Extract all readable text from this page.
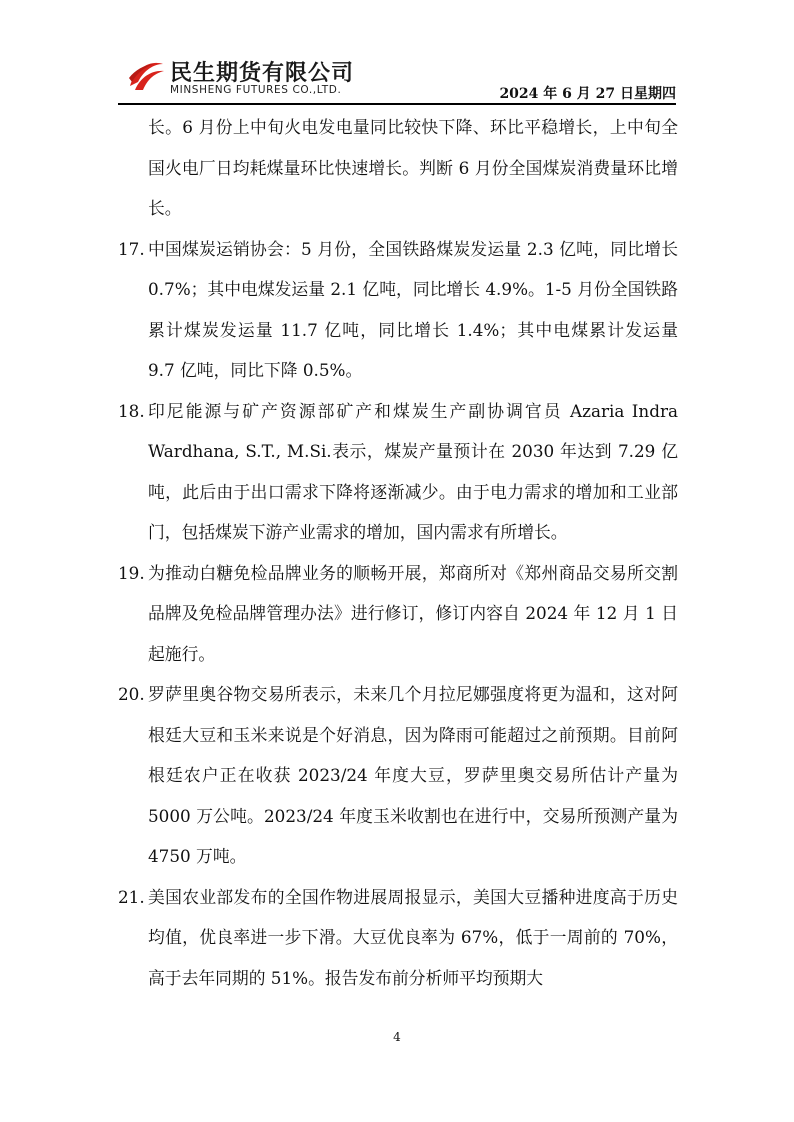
民生期货有限公司
MINSHENG FUTURES CO.,LTD.	2024 年 6 月 27 日星期四

长。6 月份上中旬火电发电量同比较快下降、环比平稳增长，上中旬全国火电厂日均耗煤量环比快速增长。判断 6 月份全国煤炭消费量环比增长。

17. 中国煤炭运销协会：5 月份，全国铁路煤炭发运量 2.3 亿吨，同比增长 0.7%；其中电煤发运量 2.1 亿吨，同比增长 4.9%。1-5 月份全国铁路累计煤炭发运量 11.7 亿吨，同比增长 1.4%；其中电煤累计发运量 9.7 亿吨，同比下降 0.5%。
18. 印尼能源与矿产资源部矿产和煤炭生产副协调官员 Azaria Indra Wardhana, S.T., M.Si.表示，煤炭产量预计在 2030 年达到 7.29 亿吨，此后由于出口需求下降将逐渐减少。由于电力需求的增加和工业部门，包括煤炭下游产业需求的增加，国内需求有所增长。
19. 为推动白糖免检品牌业务的顺畅开展，郑商所对《郑州商品交易所交割品牌及免检品牌管理办法》进行修订，修订内容自 2024 年 12 月 1 日起施行。
20. 罗萨里奥谷物交易所表示，未来几个月拉尼娜强度将更为温和，这对阿根廷大豆和玉米来说是个好消息，因为降雨可能超过之前预期。目前阿根廷农户正在收获 2023/24 年度大豆，罗萨里奥交易所估计产量为 5000 万公吨。2023/24 年度玉米收割也在进行中，交易所预测产量为 4750 万吨。
21. 美国农业部发布的全国作物进展周报显示，美国大豆播种进度高于历史均值，优良率进一步下滑。大豆优良率为 67%，低于一周前的 70%，高于去年同期的 51%。报告发布前分析师平均预期大
4
